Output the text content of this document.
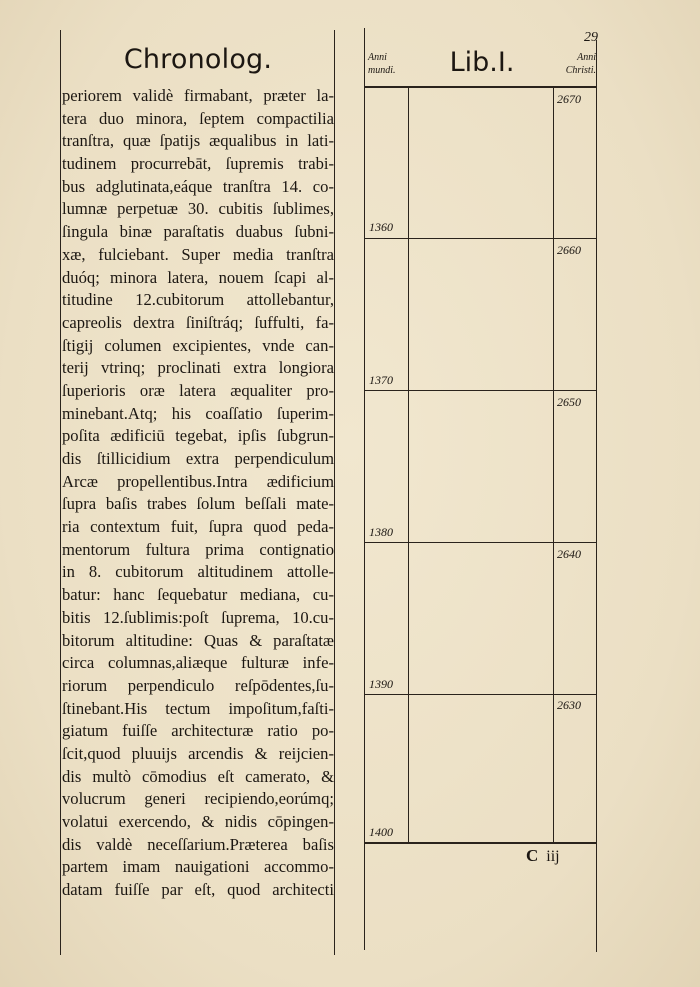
Chronolog.
periorem validè firmabant, præter la-
tera duo minora, ſeptem compactilia
tranſtra, quæ ſpatijs æqualibus in lati-
tudinem procurrebāt, ſupremis trabi-
bus adglutinata,eáque tranſtra 14. co-
lumnæ perpetuæ 30. cubitis ſublimes,
ſingula binæ paraſtatis duabus ſubni-
xæ, fulciebant. Super media tranſtra
duóq; minora latera, nouem ſcapi al-
titudine 12.cubitorum attollebantur,
capreolis dextra ſiniſtráq; ſuffulti, fa-
ſtigij columen excipientes, vnde can-
terij vtrinq; proclinati extra longiora
ſuperioris oræ latera æqualiter pro-
minebant.Atq; his coaſſatio ſuperim-
poſita ædificiū tegebat, ipſis ſubgrun-
dis ſtillicidium extra perpendiculum
Arcæ propellentibus.Intra ædificium
ſupra baſis trabes ſolum beſſali mate-
ria contextum fuit, ſupra quod peda-
mentorum fultura prima contignatio
in 8. cubitorum altitudinem attolle-
batur: hanc ſequebatur mediana, cu-
bitis 12.ſublimis:poſt ſuprema, 10.cu-
bitorum altitudine: Quas & paraſtatæ
circa columnas,aliæque fulturæ infe-
riorum perpendiculo reſpōdentes,ſu-
ſtinebant.His tectum impoſitum,faſti-
giatum fuiſſe architecturæ ratio po-
ſcit,quod pluuijs arcendis & reijcien-
dis multò cōmodius eſt camerato, &
volucrum generi recipiendo,eorúmq;
volatui exercendo, & nidis cōpingen-
dis valdè neceſſarium.Præterea baſis
partem imam nauigationi accommo-
datam fuiſſe par eſt, quod architecti
29
Anni
mundi.	Lib.I.	Anni
Christi.
2670
1360
2660
1370
2650
1380
2640
1390
2630
1400
C iij
